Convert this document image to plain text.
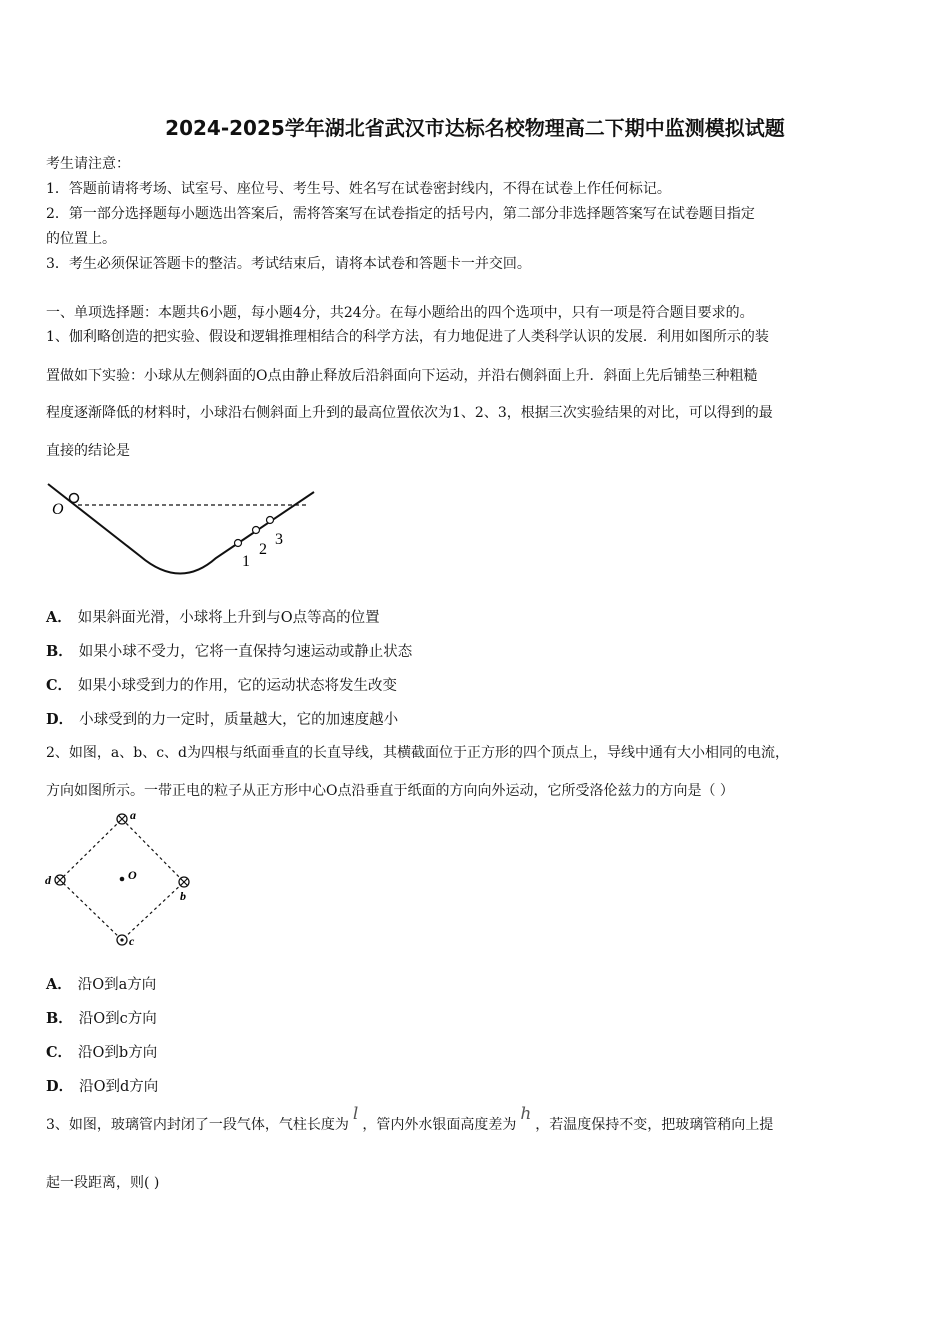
2024-2025学年湖北省武汉市达标名校物理高二下期中监测模拟试题
考生请注意：
1．答题前请将考场、试室号、座位号、考生号、姓名写在试卷密封线内，不得在试卷上作任何标记。
2．第一部分选择题每小题选出答案后，需将答案写在试卷指定的括号内，第二部分非选择题答案写在试卷题目指定
的位置上。
3．考生必须保证答题卡的整洁。考试结束后，请将本试卷和答题卡一并交回。
一、单项选择题：本题共6小题，每小题4分，共24分。在每小题给出的四个选项中，只有一项是符合题目要求的。
1、伽利略创造的把实验、假设和逻辑推理相结合的科学方法，有力地促进了人类科学认识的发展．利用如图所示的装
置做如下实验：小球从左侧斜面的O点由静止释放后沿斜面向下运动，并沿右侧斜面上升．斜面上先后铺垫三种粗糙
程度逐渐降低的材料时，小球沿右侧斜面上升到的最高位置依次为1、2、3，根据三次实验结果的对比，可以得到的最
直接的结论是
O
1
2
3
A． 如果斜面光滑，小球将上升到与O点等高的位置
B． 如果小球不受力，它将一直保持匀速运动或静止状态
C． 如果小球受到力的作用，它的运动状态将发生改变
D． 小球受到的力一定时，质量越大，它的加速度越小
2、如图，a、b、c、d为四根与纸面垂直的长直导线，其横截面位于正方形的四个顶点上，导线中通有大小相同的电流，
方向如图所示。一带正电的粒子从正方形中心O点沿垂直于纸面的方向向外运动，它所受洛伦兹力的方向是（ ）
a
b
c
d	O
A． 沿O到a方向
B． 沿O到c方向
C． 沿O到b方向
D． 沿O到d方向
3、如图，玻璃管内封闭了一段气体，气柱长度为l，管内外水银面高度差为h，若温度保持不变，把玻璃管稍向上提
起一段距离，则( )
